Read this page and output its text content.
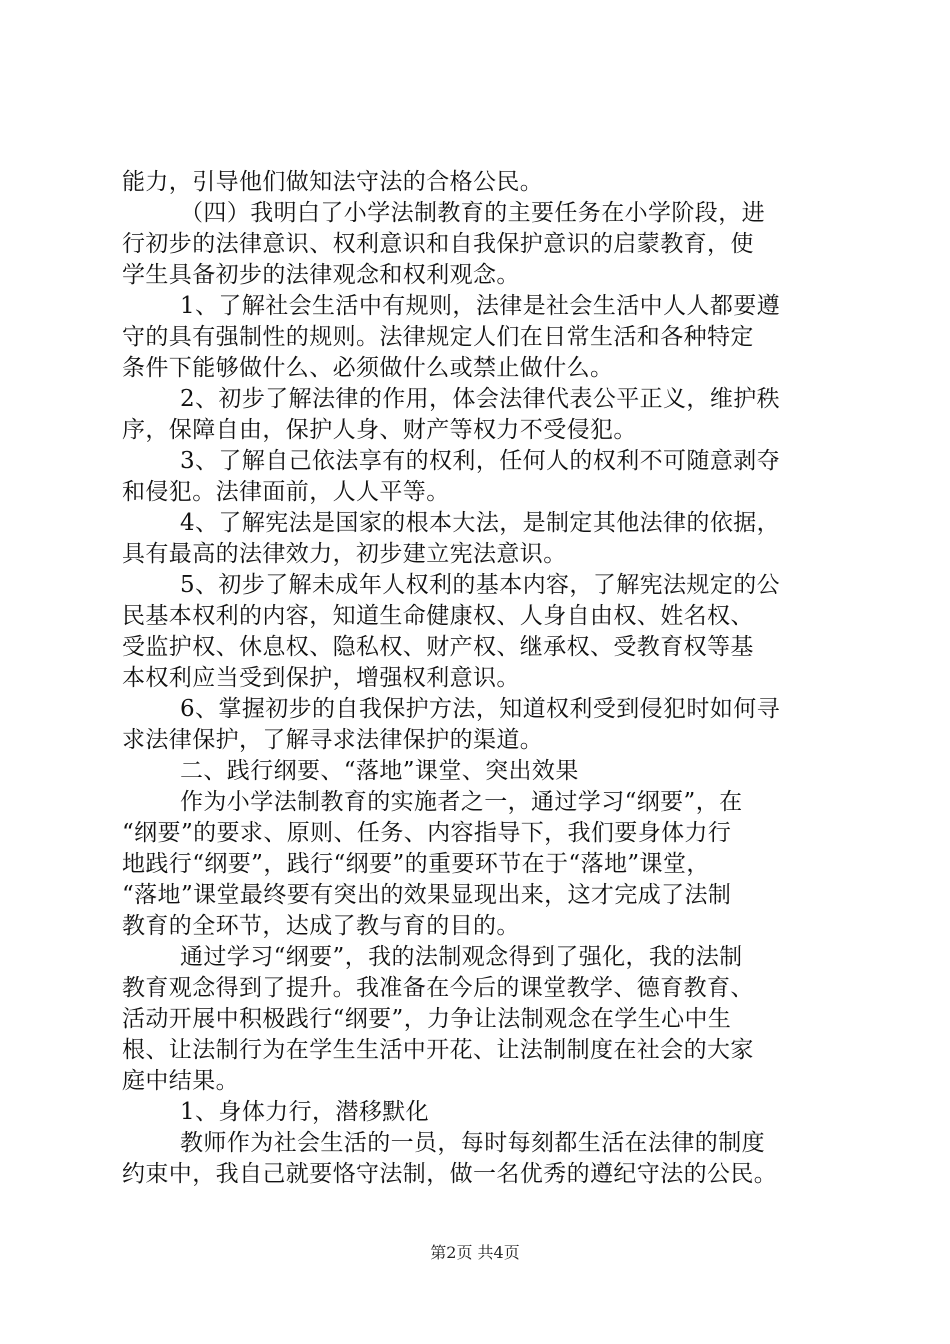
能力，引导他们做知法守法的合格公民。
（四）我明白了小学法制教育的主要任务在小学阶段，进
行初步的法律意识、权利意识和自我保护意识的启蒙教育，使
学生具备初步的法律观念和权利观念。
1、了解社会生活中有规则，法律是社会生活中人人都要遵
守的具有强制性的规则。法律规定人们在日常生活和各种特定
条件下能够做什么、必须做什么或禁止做什么。
2、初步了解法律的作用，体会法律代表公平正义，维护秩
序，保障自由，保护人身、财产等权力不受侵犯。
3、了解自己依法享有的权利，任何人的权利不可随意剥夺
和侵犯。法律面前，人人平等。
4、了解宪法是国家的根本大法，是制定其他法律的依据，
具有最高的法律效力，初步建立宪法意识。
5、初步了解未成年人权利的基本内容，了解宪法规定的公
民基本权利的内容，知道生命健康权、人身自由权、姓名权、
受监护权、休息权、隐私权、财产权、继承权、受教育权等基
本权利应当受到保护，增强权利意识。
6、掌握初步的自我保护方法，知道权利受到侵犯时如何寻
求法律保护，了解寻求法律保护的渠道。
二、践行纲要、“落地”课堂、突出效果
作为小学法制教育的实施者之一，通过学习“纲要”，在
“纲要”的要求、原则、任务、内容指导下，我们要身体力行
地践行“纲要”，践行“纲要”的重要环节在于“落地”课堂，
“落地”课堂最终要有突出的效果显现出来，这才完成了法制
教育的全环节，达成了教与育的目的。
通过学习“纲要”，我的法制观念得到了强化，我的法制
教育观念得到了提升。我准备在今后的课堂教学、德育教育、
活动开展中积极践行“纲要”，力争让法制观念在学生心中生
根、让法制行为在学生生活中开花、让法制制度在社会的大家
庭中结果。
1、身体力行，潜移默化
教师作为社会生活的一员，每时每刻都生活在法律的制度
约束中，我自己就要恪守法制，做一名优秀的遵纪守法的公民。
第2页 共4页
